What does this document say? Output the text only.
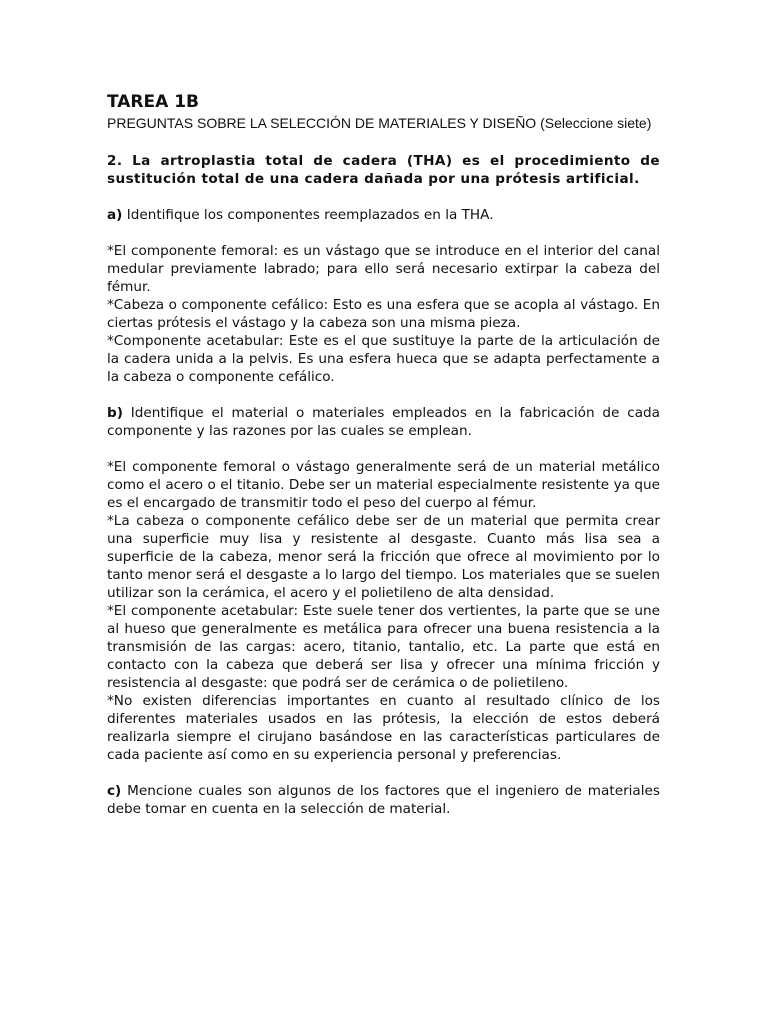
TAREA 1B

PREGUNTAS SOBRE LA SELECCIÓN DE MATERIALES Y DISEÑO (Seleccione siete)

2. La artroplastia total de cadera (THA) es el procedimiento de sustitución total de una cadera dañada por una prótesis artificial.

a) Identifique los componentes reemplazados en la THA.

*El componente femoral: es un vástago que se introduce en el interior del canal medular previamente labrado; para ello será necesario extirpar la cabeza del fémur.

*Cabeza o componente cefálico: Esto es una esfera que se acopla al vástago. En ciertas prótesis el vástago y la cabeza son una misma pieza.

*Componente acetabular: Este es el que sustituye la parte de la articulación de la cadera unida a la pelvis. Es una esfera hueca que se adapta perfectamente a la cabeza o componente cefálico.

b) Identifique el material o materiales empleados en la fabricación de cada componente y las razones por las cuales se emplean.

*El componente femoral o vástago generalmente será de un material metálico como el acero o el titanio. Debe ser un material especialmente resistente ya que es el encargado de transmitir todo el peso del cuerpo al fémur.

*La cabeza o componente cefálico debe ser de un material que permita crear una superficie muy lisa y resistente al desgaste. Cuanto más lisa sea a superficie de la cabeza, menor será la fricción que ofrece al movimiento por lo tanto menor será el desgaste a lo largo del tiempo. Los materiales que se suelen utilizar son la cerámica, el acero y el polietileno de alta densidad.

*El componente acetabular: Este suele tener dos vertientes, la parte que se une al hueso que generalmente es metálica para ofrecer una buena resistencia a la transmisión de las cargas: acero, titanio, tantalio, etc. La parte que está en contacto con la cabeza que deberá ser lisa y ofrecer una mínima fricción y resistencia al desgaste: que podrá ser de cerámica o de polietileno.

*No existen diferencias importantes en cuanto al resultado clínico de los diferentes materiales usados en las prótesis, la elección de estos deberá realizarla siempre el cirujano basándose en las características particulares de cada paciente así como en su experiencia personal y preferencias.

c) Mencione cuales son algunos de los factores que el ingeniero de materiales debe tomar en cuenta en la selección de material.
